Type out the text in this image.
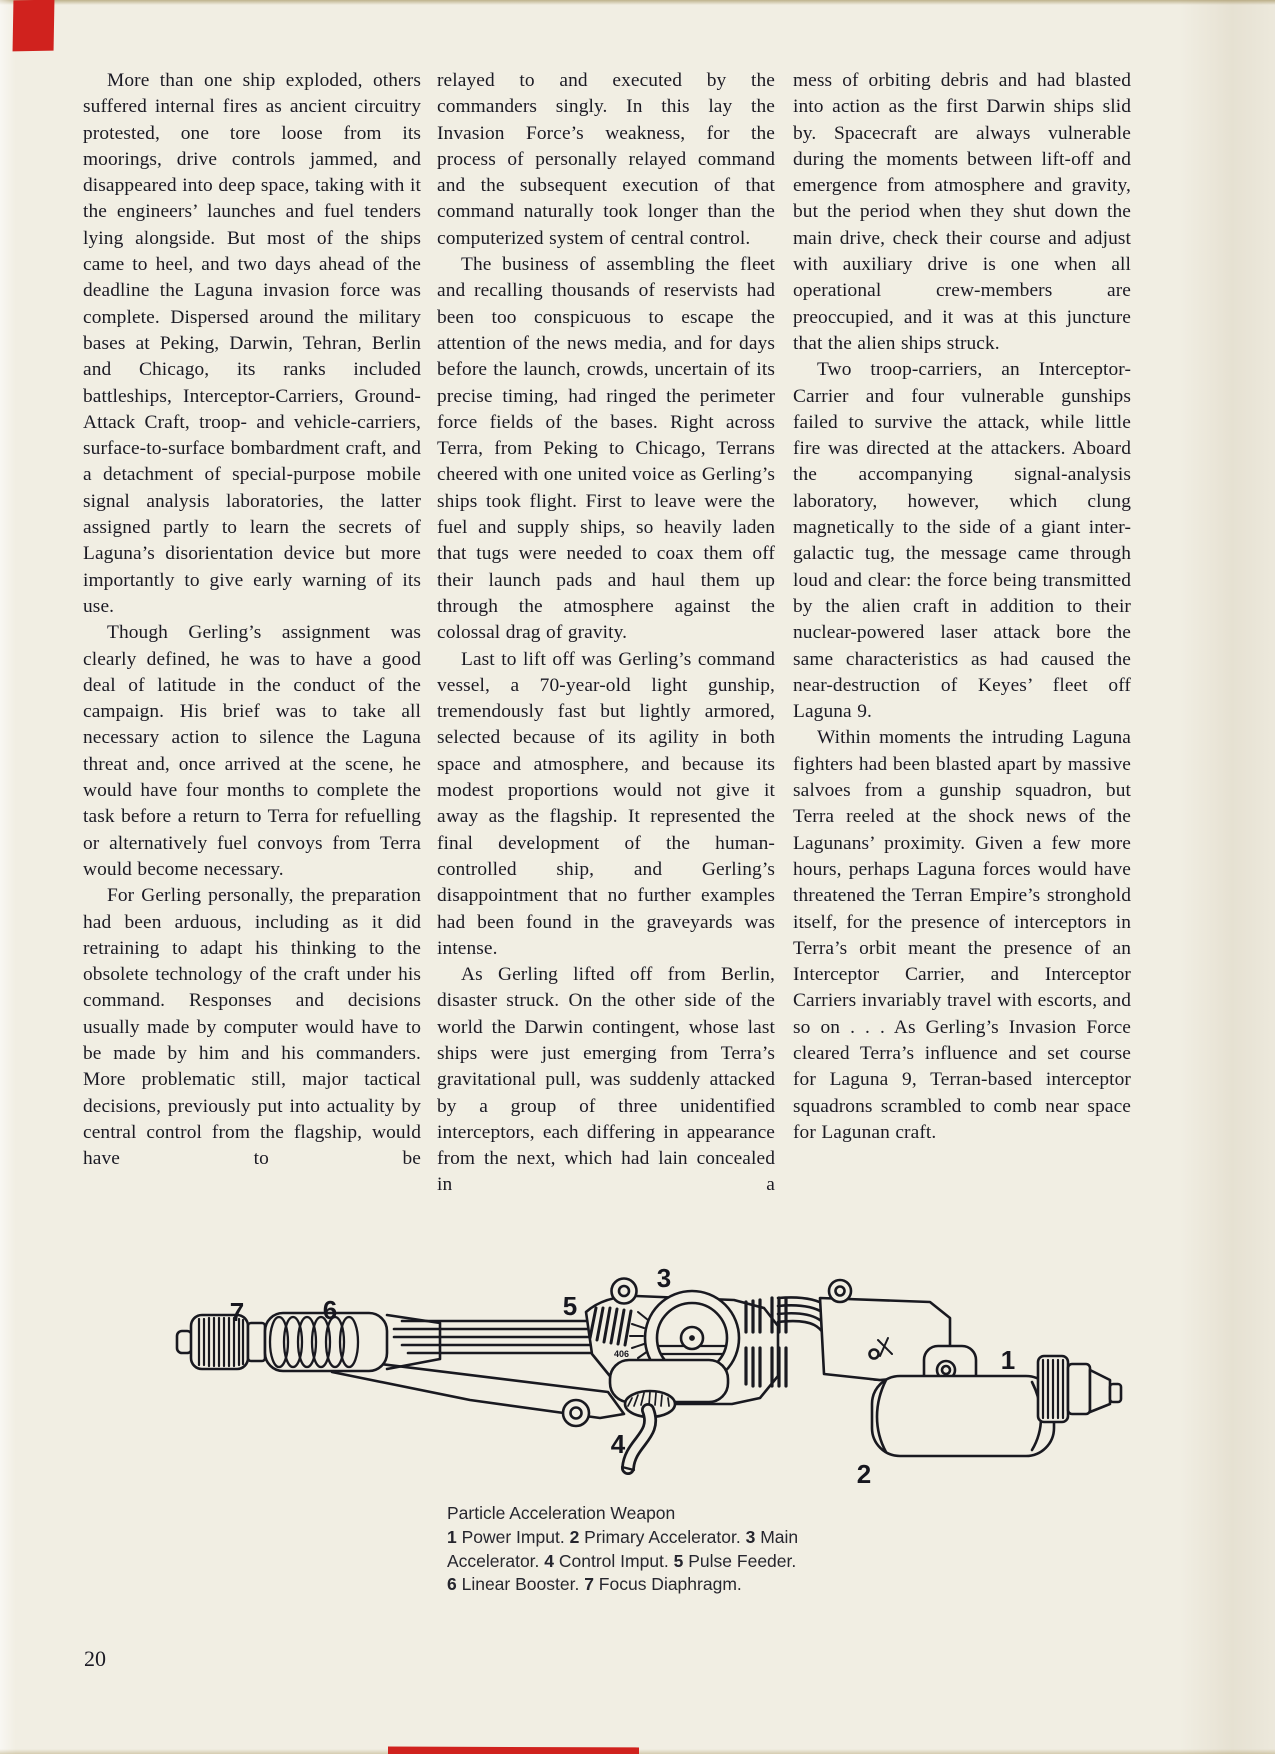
More than one ship exploded, others suffered internal fires as ancient circuitry protested, one tore loose from its moorings, drive controls jammed, and disappeared into deep space, taking with it the engineers’ launches and fuel tenders lying alongside. But most of the ships came to heel, and two days ahead of the deadline the Laguna invasion force was complete. Dispersed around the military bases at Peking, Darwin, Tehran, Berlin and Chicago, its ranks included battleships, Interceptor-Carriers, Ground-Attack Craft, troop- and vehicle-carriers, surface-to-surface bombardment craft, and a detachment of special-purpose mobile signal analysis laboratories, the latter assigned partly to learn the secrets of Laguna’s disorientation device but more importantly to give early warning of its use.

Though Gerling’s assignment was clearly defined, he was to have a good deal of latitude in the conduct of the campaign. His brief was to take all necessary action to silence the Laguna threat and, once arrived at the scene, he would have four months to complete the task before a return to Terra for refuelling or alternatively fuel convoys from Terra would become necessary.

For Gerling personally, the preparation had been arduous, including as it did retraining to adapt his thinking to the obsolete technology of the craft under his command. Responses and decisions usually made by computer would have to be made by him and his commanders. More problematic still, major tactical decisions, previously put into actuality by central control from the flagship, would have to be

relayed to and executed by the commanders singly. In this lay the Invasion Force’s weakness, for the process of personally relayed command and the subsequent execution of that command naturally took longer than the computerized system of central control.

The business of assembling the fleet and recalling thousands of reservists had been too conspicuous to escape the attention of the news media, and for days before the launch, crowds, uncertain of its precise timing, had ringed the perimeter force fields of the bases. Right across Terra, from Peking to Chicago, Terrans cheered with one united voice as Gerling’s ships took flight. First to leave were the fuel and supply ships, so heavily laden that tugs were needed to coax them off their launch pads and haul them up through the atmosphere against the colossal drag of gravity.

Last to lift off was Gerling’s command vessel, a 70-year-old light gunship, tremendously fast but lightly armored, selected because of its agility in both space and atmosphere, and because its modest proportions would not give it away as the flagship. It represented the final development of the human-controlled ship, and Gerling’s disappointment that no further examples had been found in the graveyards was intense.

As Gerling lifted off from Berlin, disaster struck. On the other side of the world the Darwin contingent, whose last ships were just emerging from Terra’s gravitational pull, was suddenly attacked by a group of three unidentified interceptors, each differing in appearance from the next, which had lain concealed in a

mess of orbiting debris and had blasted into action as the first Darwin ships slid by. Spacecraft are always vulnerable during the moments between lift-off and emergence from atmosphere and gravity, but the period when they shut down the main drive, check their course and adjust with auxiliary drive is one when all operational crew-members are preoccupied, and it was at this juncture that the alien ships struck.

Two troop-carriers, an Interceptor-Carrier and four vulnerable gunships failed to survive the attack, while little fire was directed at the attackers. Aboard the accompanying signal-analysis laboratory, however, which clung magnetically to the side of a giant inter-galactic tug, the message came through loud and clear: the force being transmitted by the alien craft in addition to their nuclear-powered laser attack bore the same characteristics as had caused the near-destruction of Keyes’ fleet off Laguna 9.

Within moments the intruding Laguna fighters had been blasted apart by massive salvoes from a gunship squadron, but Terra reeled at the shock news of the Lagunans’ proximity. Given a few more hours, perhaps Laguna forces would have threatened the Terran Empire’s stronghold itself, for the presence of interceptors in Terra’s orbit meant the presence of an Interceptor Carrier, and Interceptor Carriers invariably travel with escorts, and so on . . . As Gerling’s Invasion Force cleared Terra’s influence and set course for Laguna 9, Terran-based interceptor squadrons scrambled to comb near space for Lagunan craft.

406
7	6	5
3
4
2
1
Particle Acceleration Weapon
1 Power Imput. 2 Primary Accelerator. 3 Main Accelerator. 4 Control Imput. 5 Pulse Feeder. 6 Linear Booster. 7 Focus Diaphragm.
20
